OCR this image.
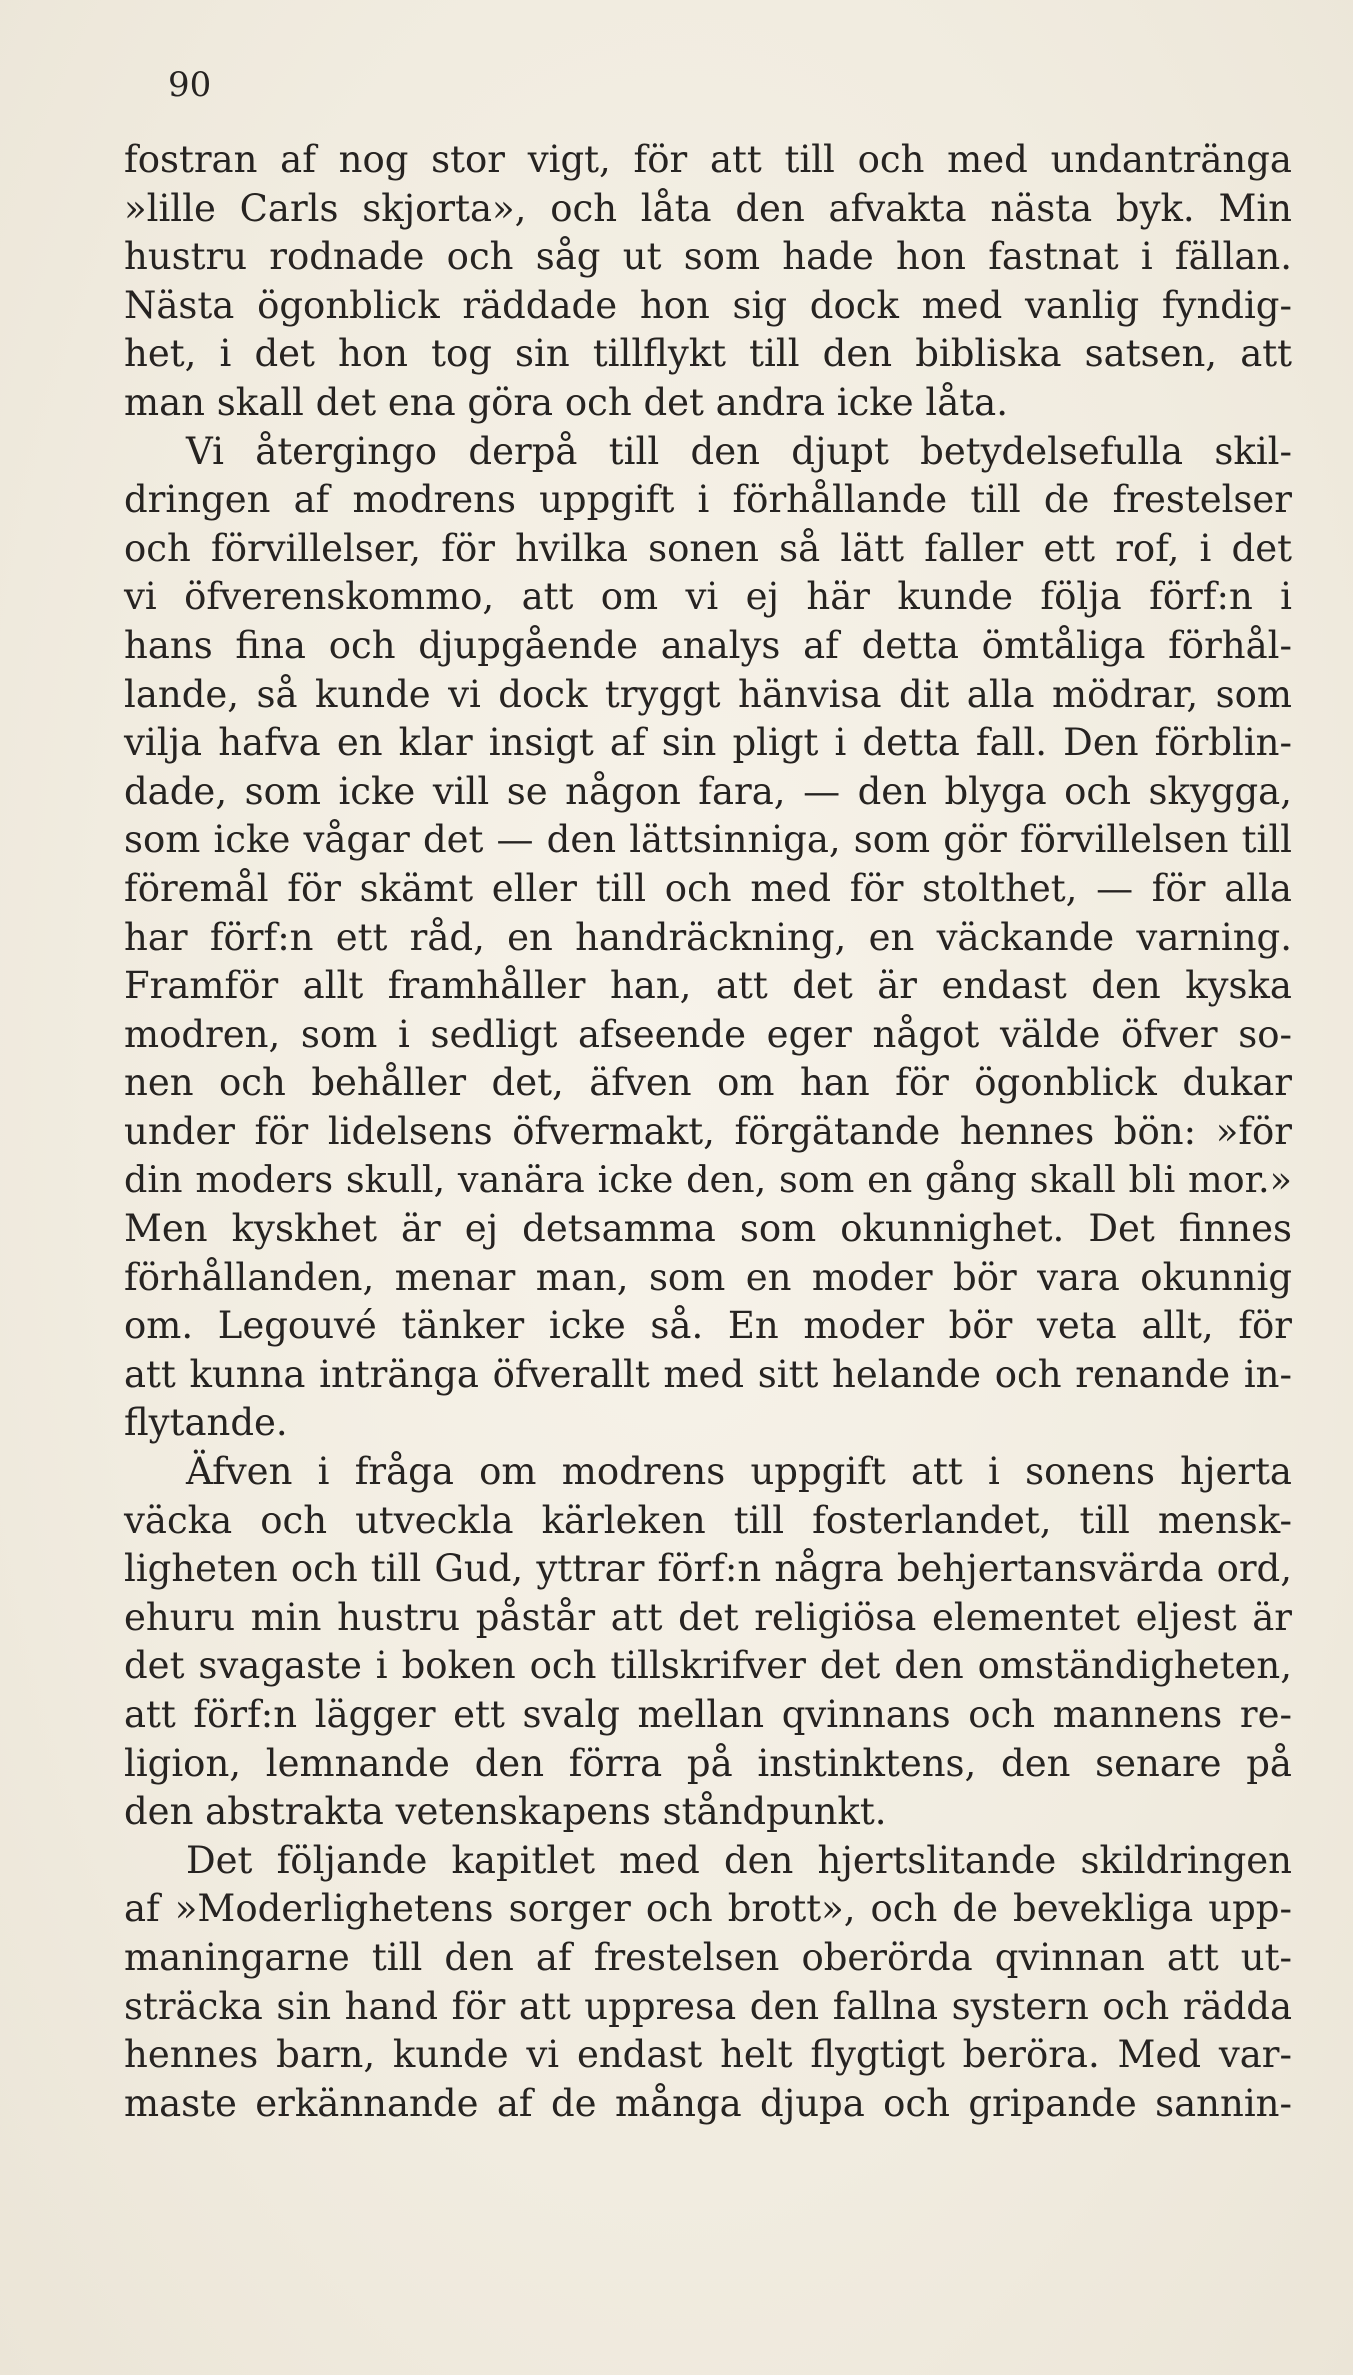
90
fostran af nog stor vigt, för att till och med undantränga
»lille Carls skjorta», och låta den afvakta nästa byk. Min
hustru rodnade och såg ut som hade hon fastnat i fällan.
Nästa ögonblick räddade hon sig dock med vanlig fyndig-
het, i det hon tog sin tillflykt till den bibliska satsen, att
man skall det ena göra och det andra icke låta.
Vi återgingo derpå till den djupt betydelsefulla skil-
dringen af modrens uppgift i förhållande till de frestelser
och förvillelser, för hvilka sonen så lätt faller ett rof, i det
vi öfverenskommo, att om vi ej här kunde följa förf:n i
hans fina och djupgående analys af detta ömtåliga förhål-
lande, så kunde vi dock tryggt hänvisa dit alla mödrar, som
vilja hafva en klar insigt af sin pligt i detta fall. Den förblin-
dade, som icke vill se någon fara, — den blyga och skygga,
som icke vågar det — den lättsinniga, som gör förvillelsen till
föremål för skämt eller till och med för stolthet, — för alla
har förf:n ett råd, en handräckning, en väckande varning.
Framför allt framhåller han, att det är endast den kyska
modren, som i sedligt afseende eger något välde öfver so-
nen och behåller det, äfven om han för ögonblick dukar
under för lidelsens öfvermakt, förgätande hennes bön: »för
din moders skull, vanära icke den, som en gång skall bli mor.»
Men kyskhet är ej detsamma som okunnighet. Det finnes
förhållanden, menar man, som en moder bör vara okunnig
om. Legouvé tänker icke så. En moder bör veta allt, för
att kunna intränga öfverallt med sitt helande och renande in-
flytande.
Äfven i fråga om modrens uppgift att i sonens hjerta
väcka och utveckla kärleken till fosterlandet, till mensk-
ligheten och till Gud, yttrar förf:n några behjertansvärda ord,
ehuru min hustru påstår att det religiösa elementet eljest är
det svagaste i boken och tillskrifver det den omständigheten,
att förf:n lägger ett svalg mellan qvinnans och mannens re-
ligion, lemnande den förra på instinktens, den senare på
den abstrakta vetenskapens ståndpunkt.
Det följande kapitlet med den hjertslitande skildringen
af »Moderlighetens sorger och brott», och de bevekliga upp-
maningarne till den af frestelsen oberörda qvinnan att ut-
sträcka sin hand för att uppresa den fallna systern och rädda
hennes barn, kunde vi endast helt flygtigt beröra. Med var-
maste erkännande af de många djupa och gripande sannin-
